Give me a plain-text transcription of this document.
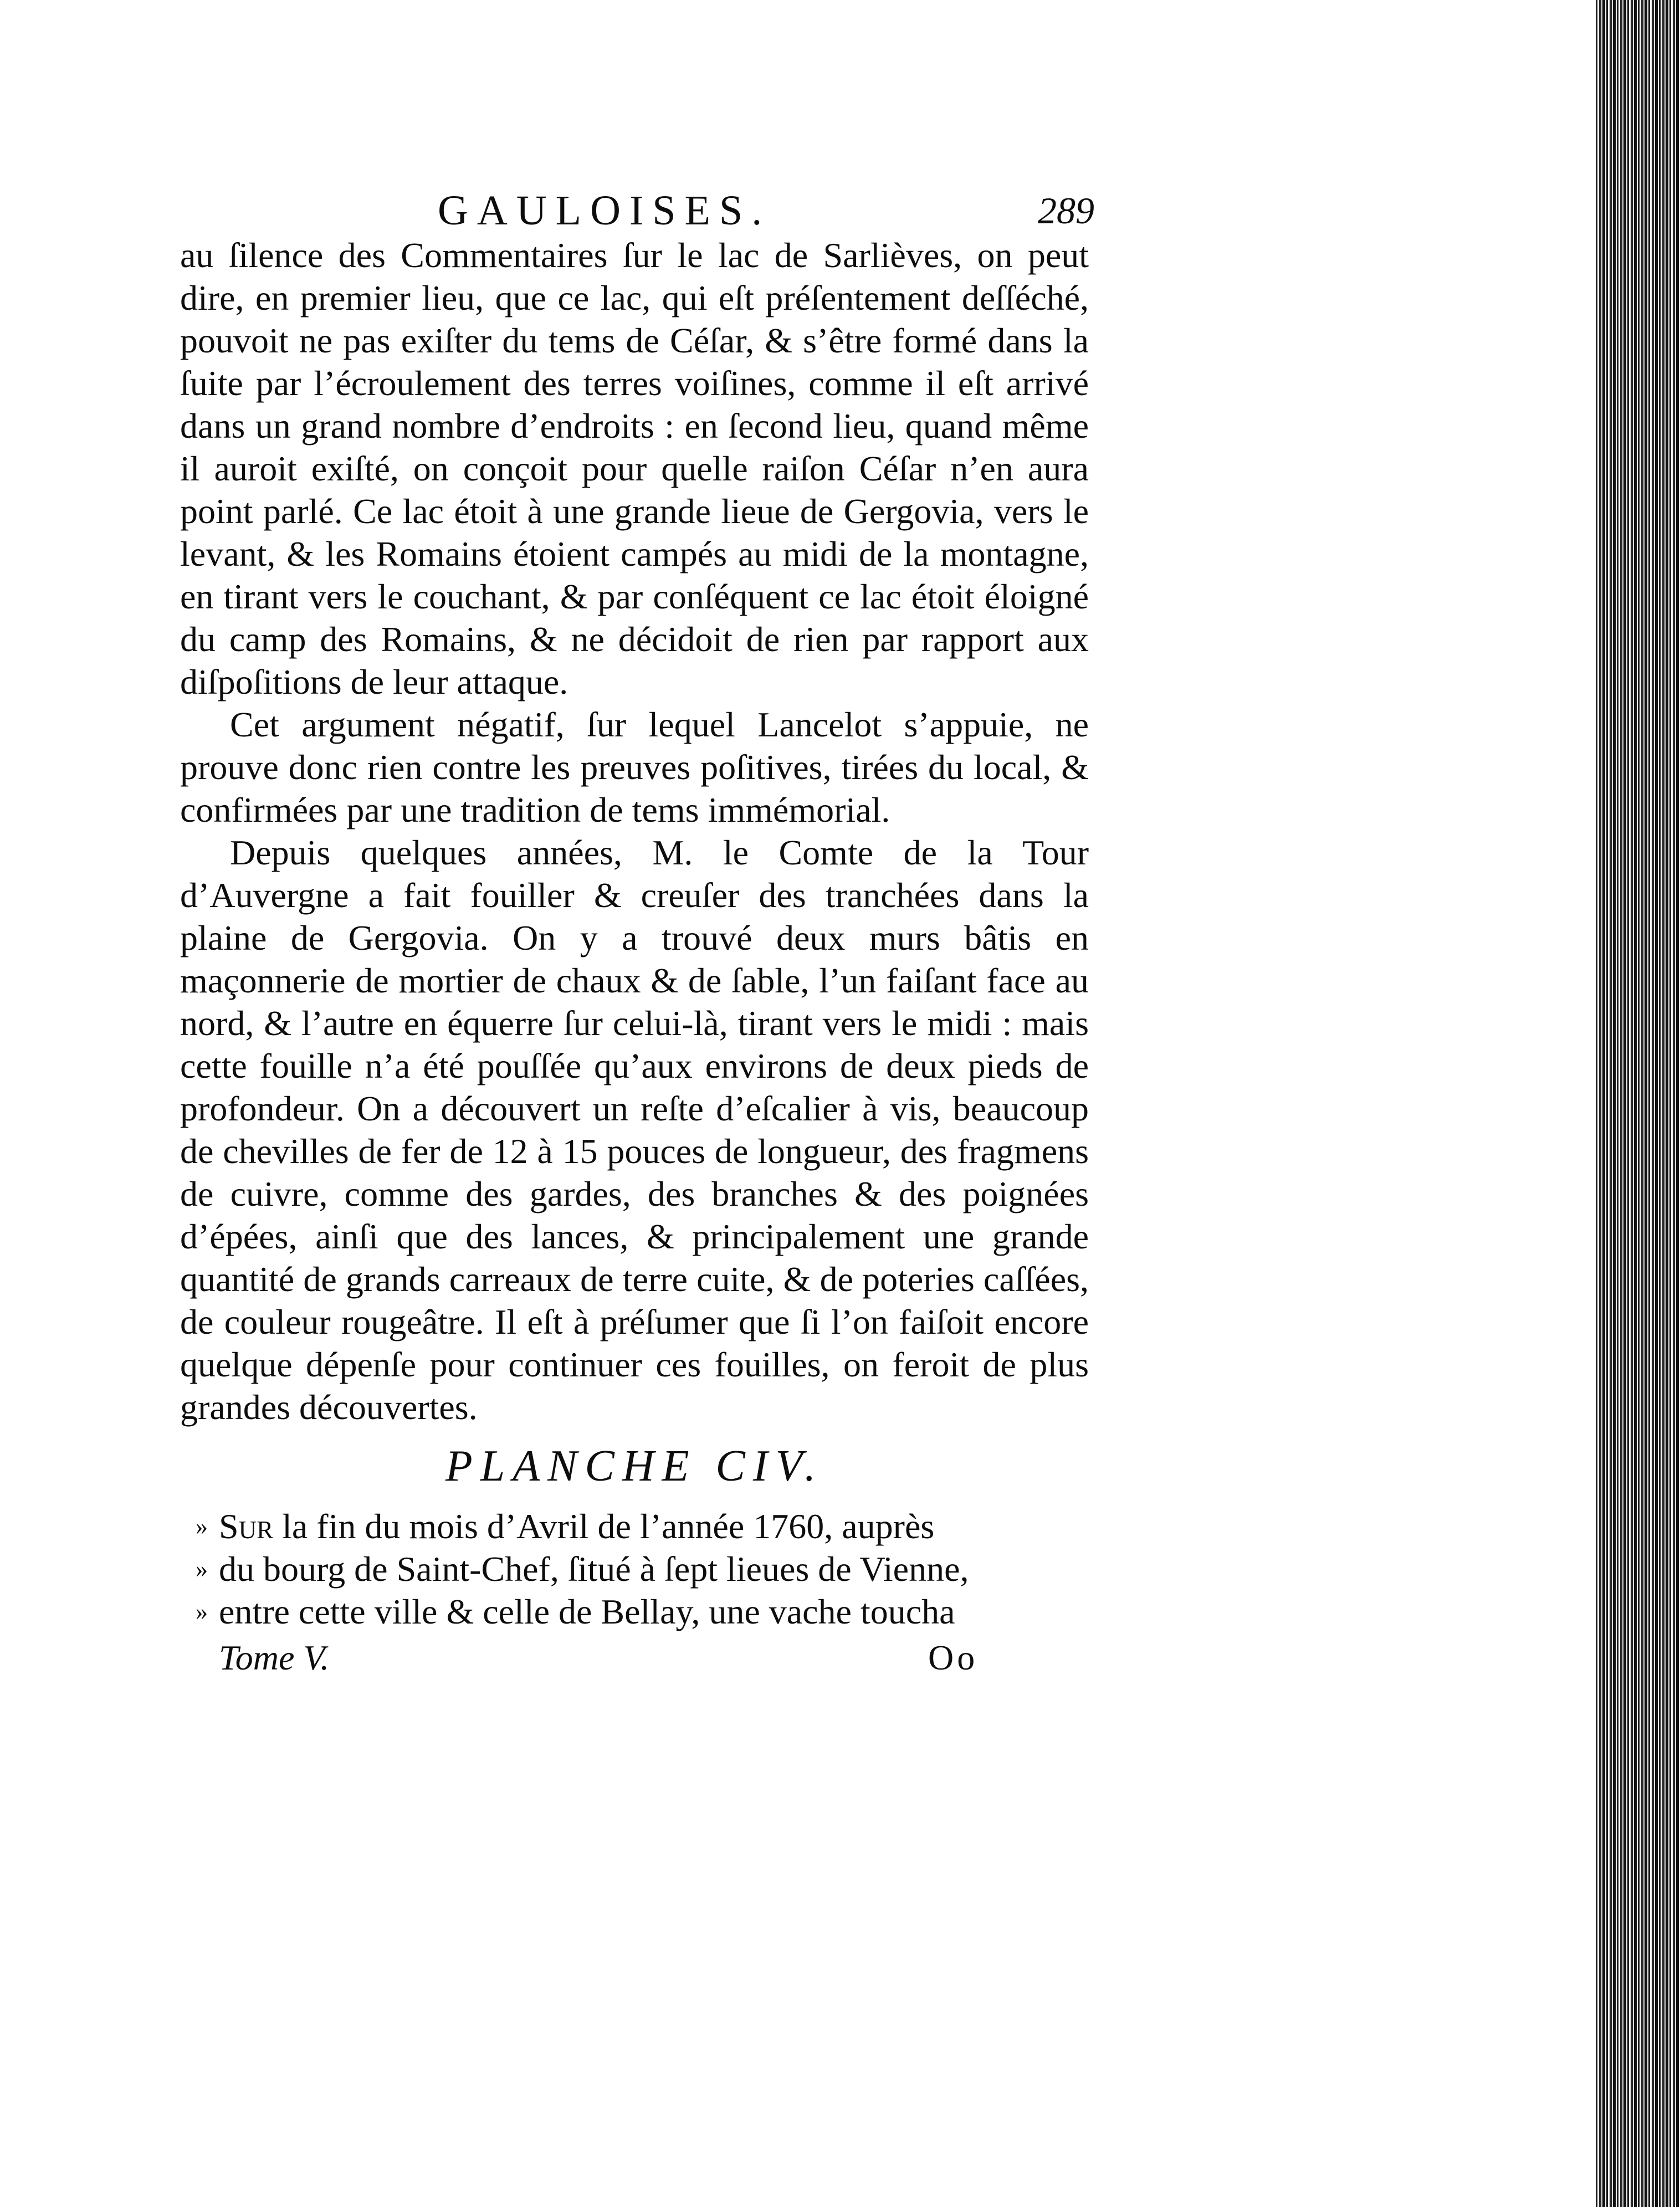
GAULOISES.	289

au ſilence des Commentaires ſur le lac de Sarlièves, on peut dire, en premier lieu, que ce lac, qui eſt préſentement deſſéché, pouvoit ne pas exiſter du tems de Céſar, & s’être formé dans la ſuite par l’écroulement des terres voiſines, comme il eſt arrivé dans un grand nombre d’endroits : en ſecond lieu, quand même il auroit exiſté, on conçoit pour quelle raiſon Céſar n’en aura point parlé. Ce lac étoit à une grande lieue de Gergovia, vers le levant, & les Romains étoient campés au midi de la montagne, en tirant vers le couchant, & par conſéquent ce lac étoit éloigné du camp des Romains, & ne décidoit de rien par rapport aux diſpoſitions de leur attaque.

Cet argument négatif, ſur lequel Lancelot s’appuie, ne prouve donc rien contre les preuves poſitives, tirées du local, & confirmées par une tradition de tems immémorial.

Depuis quelques années, M. le Comte de la Tour d’Auvergne a fait fouiller & creuſer des tranchées dans la plaine de Gergovia. On y a trouvé deux murs bâtis en maçonnerie de mortier de chaux & de ſable, l’un faiſant face au nord, & l’autre en équerre ſur celui-là, tirant vers le midi : mais cette fouille n’a été pouſſée qu’aux environs de deux pieds de profondeur. On a découvert un reſte d’eſcalier à vis, beaucoup de chevilles de fer de 12 à 15 pouces de longueur, des fragmens de cuivre, comme des gardes, des branches & des poignées d’épées, ainſi que des lances, & principalement une grande quantité de grands carreaux de terre cuite, & de poteries caſſées, de couleur rougeâtre. Il eſt à préſumer que ſi l’on faiſoit encore quelque dépenſe pour continuer ces fouilles, on feroit de plus grandes découvertes.

PLANCHE CIV.
» Sur la fin du mois d’Avril de l’année 1760, auprès
» du bourg de Saint-Chef, ſitué à ſept lieues de Vienne,
» entre cette ville & celle de Bellay, une vache toucha
Tome V.	Oo
